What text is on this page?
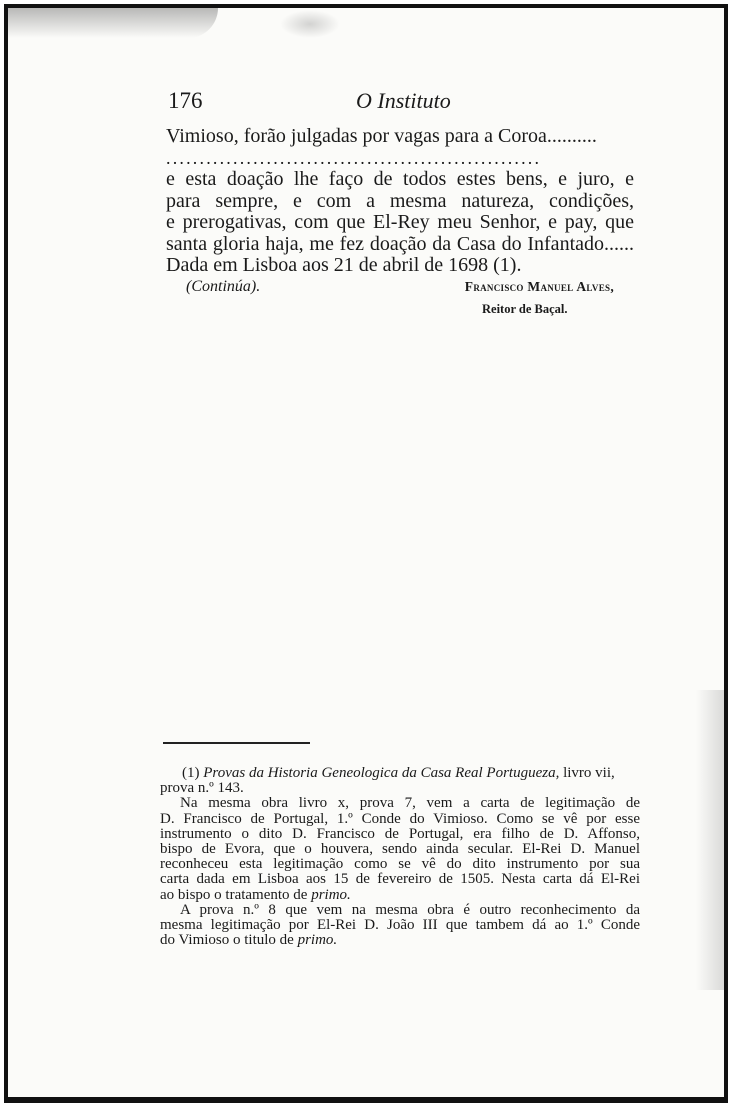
176	O Instituto
Vimioso, forão julgadas por vagas para a Coroa..........
........................................................
e esta doação lhe faço de todos estes bens, e juro, e
para sempre, e com a mesma natureza, condições,
e prerogativas, com que El-Rey meu Senhor, e pay, que
santa gloria haja, me fez doação da Casa do Infantado......
Dada em Lisboa aos 21 de abril de 1698 (1).
(Continúa).	Francisco Manuel Alves,
Reitor de Baçal.
(1) Provas da Historia Geneologica da Casa Real Portugueza, livro vii,
prova n.º 143.
Na mesma obra livro x, prova 7, vem a carta de legitimação de
D. Francisco de Portugal, 1.º Conde do Vimioso. Como se vê por esse
instrumento o dito D. Francisco de Portugal, era filho de D. Affonso,
bispo de Evora, que o houvera, sendo ainda secular. El-Rei D. Manuel
reconheceu esta legitimação como se vê do dito instrumento por sua
carta dada em Lisboa aos 15 de fevereiro de 1505. Nesta carta dá El-Rei
ao bispo o tratamento de primo.
A prova n.º 8 que vem na mesma obra é outro reconhecimento da
mesma legitimação por El-Rei D. João III que tambem dá ao 1.º Conde
do Vimioso o titulo de primo.
